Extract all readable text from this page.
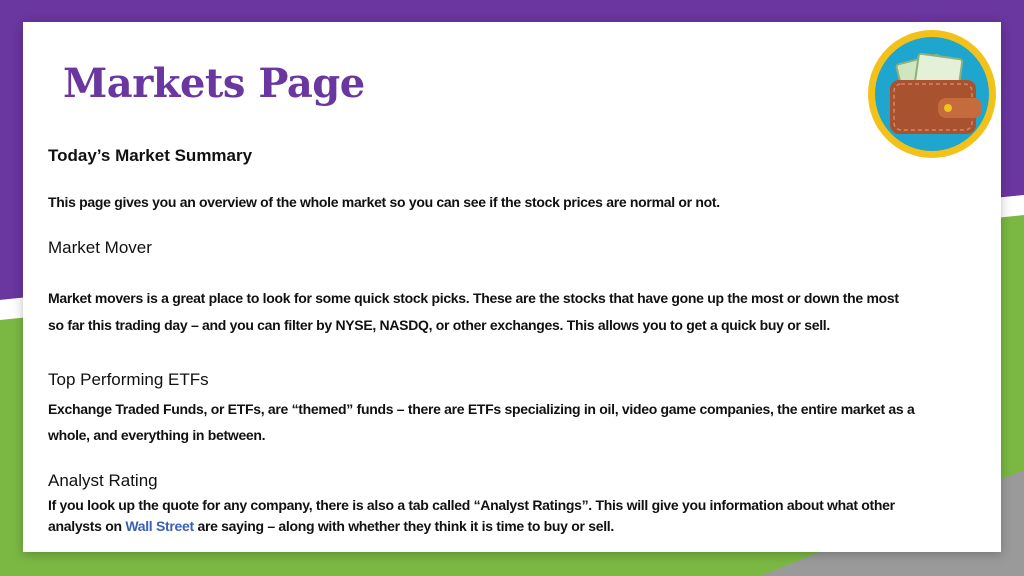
Markets Page
Today’s Market Summary

This page gives you an overview of the whole market so you can see if the stock prices are normal or not.

Market Mover

Market movers is a great place to look for some quick stock picks. These are the stocks that have gone up the most or down the most

so far this trading day – and you can filter by NYSE, NASDQ, or other exchanges. This allows you to get a quick buy or sell.

Top Performing ETFs

Exchange Traded Funds, or ETFs, are “themed” funds – there are ETFs specializing in oil, video game companies, the entire market as a

whole, and everything in between.

Analyst Rating

If you look up the quote for any company, there is also a tab called “Analyst Ratings”. This will give you information about what other

analysts on Wall Street are saying – along with whether they think it is time to buy or sell.
